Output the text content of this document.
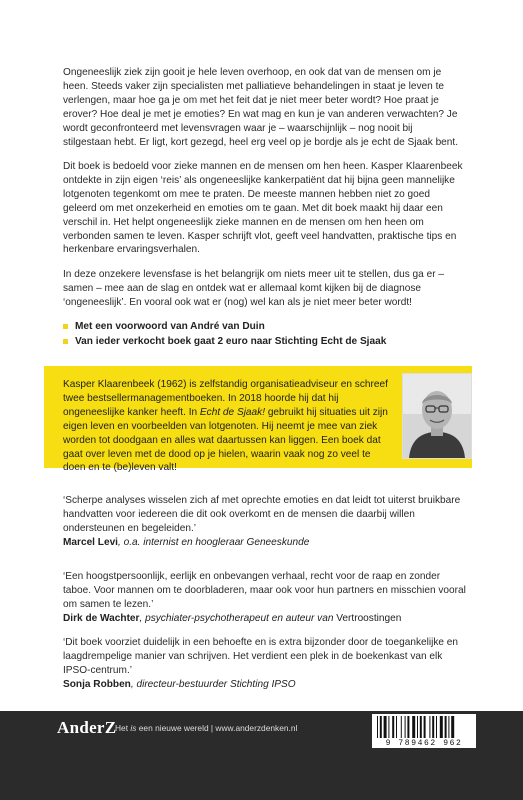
Ongeneeslijk ziek zijn gooit je hele leven overhoop, en ook dat van de mensen om je heen. Steeds vaker zijn specialisten met palliatieve behandelingen in staat je leven te verlengen, maar hoe ga je om met het feit dat je niet meer beter wordt? Hoe praat je erover? Hoe deal je met je emoties? En wat mag en kun je van anderen verwachten? Je wordt geconfronteerd met levensvragen waar je – waarschijnlijk – nog nooit bij stilgestaan hebt. Er ligt, kort gezegd, heel erg veel op je bordje als je echt de Sjaak bent.

Dit boek is bedoeld voor zieke mannen en de mensen om hen heen. Kasper Klaarenbeek ontdekte in zijn eigen ‘reis’ als ongeneeslijke kankerpatiënt dat hij bijna geen mannelijke lotgenoten tegenkomt om mee te praten. De meeste mannen hebben niet zo goed geleerd om met onzekerheid en emoties om te gaan. Met dit boek maakt hij daar een verschil in. Het helpt ongeneeslijk zieke mannen en de mensen om hen heen om verbonden samen te leven. Kasper schrijft vlot, geeft veel handvatten, praktische tips en herkenbare ervaringsverhalen.

In deze onzekere levensfase is het belangrijk om niets meer uit te stellen, dus ga er – samen – mee aan de slag en ontdek wat er allemaal komt kijken bij de diagnose ‘ongeneeslijk’. En vooral ook wat er (nog) wel kan als je niet meer beter wordt!

Met een voorwoord van André van Duin
Van ieder verkocht boek gaat 2 euro naar Stichting Echt de Sjaak
Kasper Klaarenbeek (1962) is zelfstandig organisatieadviseur en schreef twee bestsellermanagementboeken. In 2018 hoorde hij dat hij ongeneeslijke kanker heeft. In Echt de Sjaak! gebruikt hij situaties uit zijn eigen leven en voorbeelden van lotgenoten. Hij neemt je mee van ziek worden tot doodgaan en alles wat daartussen kan liggen. Een boek dat gaat over leven met de dood op je hielen, waarin vaak nog zo veel te doen en te (be)leven valt!
‘Scherpe analyses wisselen zich af met oprechte emoties en dat leidt tot uiterst bruikbare handvatten voor iedereen die dit ook overkomt en de mensen die daarbij willen ondersteunen en begeleiden.’
Marcel Levi, o.a. internist en hoogleraar Geneeskunde
‘Een hoogstpersoonlijk, eerlijk en onbevangen verhaal, recht voor de raap en zonder taboe. Voor mannen om te doorbladeren, maar ook voor hun partners en misschien vooral om samen te lezen.’
Dirk de Wachter, psychiater-psychotherapeut en auteur van Vertroostingen
‘Dit boek voorziet duidelijk in een behoefte en is extra bijzonder door de toegankelijke en laagdrempelige manier van schrijven. Het verdient een plek in de boekenkast van elk IPSO-centrum.’
Sonja Robben, directeur-bestuurder Stichting IPSO
AnderZ
Het is een nieuwe wereld | www.anderzdenken.nl
9 789462 962
